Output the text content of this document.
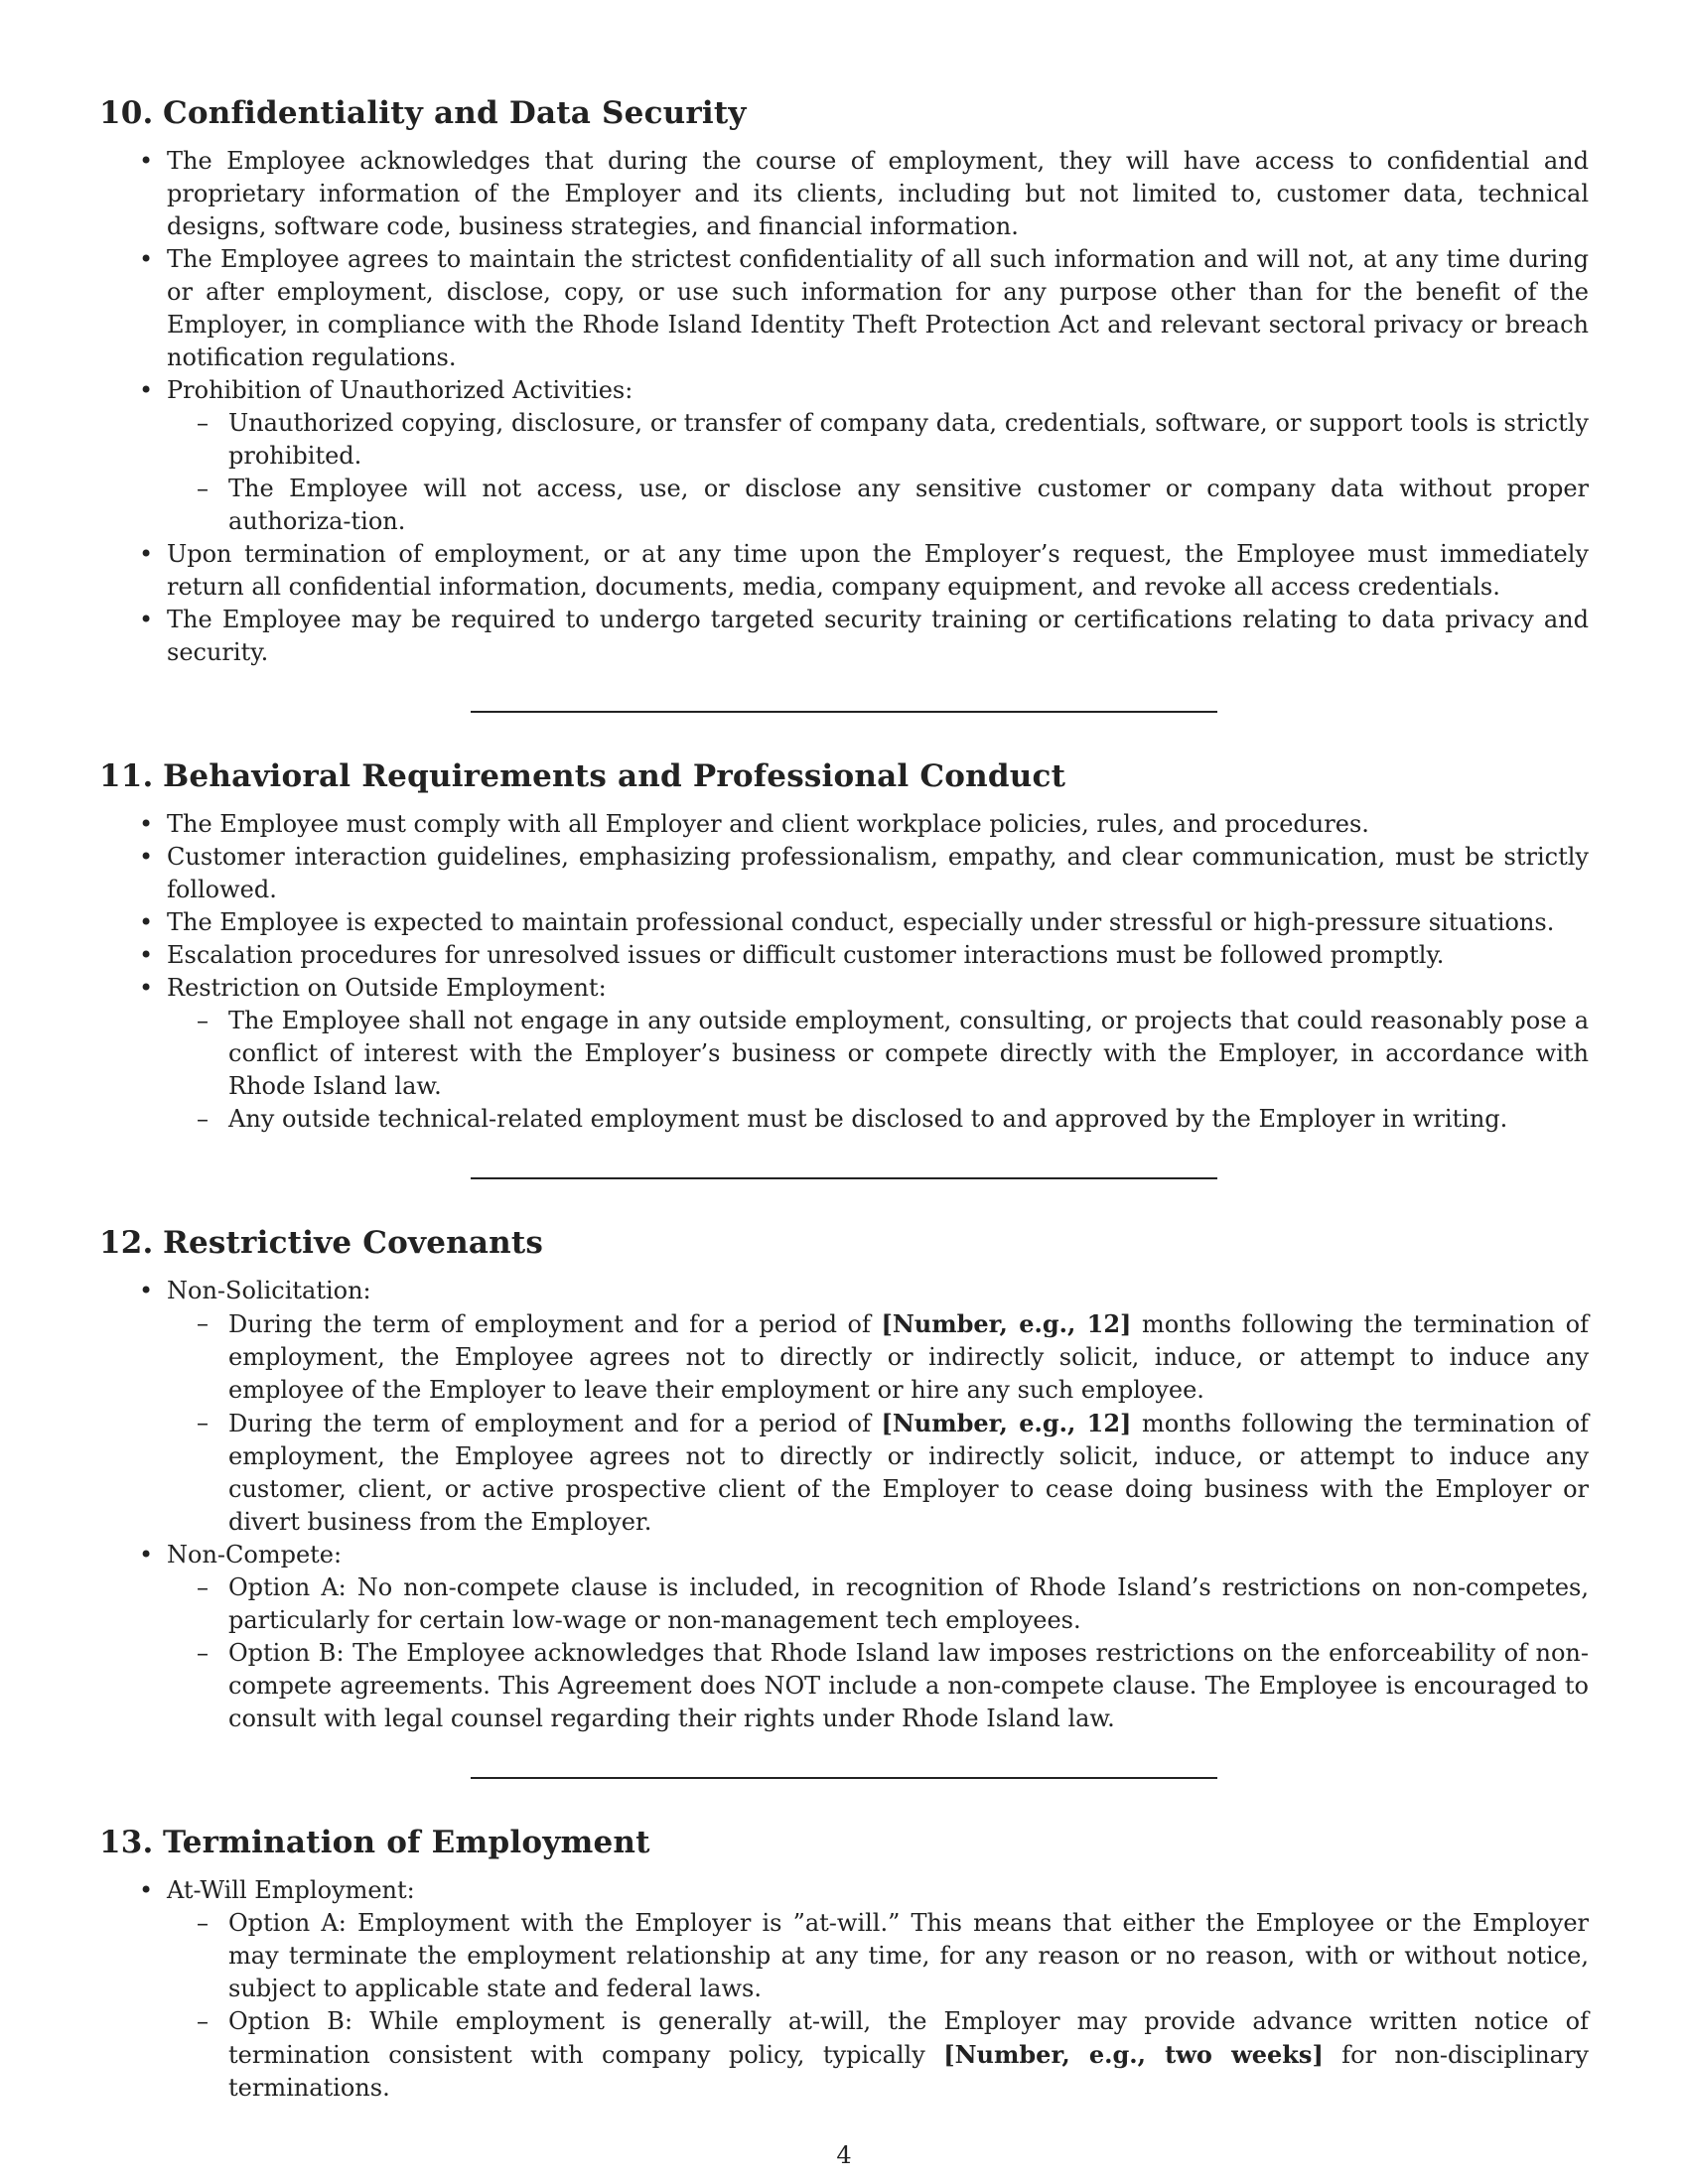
10. Confidentiality and Data Security
• The Employee acknowledges that during the course of employment, they will have access to confidential and proprietary information of the Employer and its clients, including but not limited to, customer data, technical designs, software code, business strategies, and financial information.
• The Employee agrees to maintain the strictest confidentiality of all such information and will not, at any time during or after employment, disclose, copy, or use such information for any purpose other than for the benefit of the Employer, in compliance with the Rhode Island Identity Theft Protection Act and relevant sectoral privacy or breach notification regulations.
• Prohibition of Unauthorized Activities:
– Unauthorized copying, disclosure, or transfer of company data, credentials, software, or support tools is strictly prohibited.
– The Employee will not access, use, or disclose any sensitive customer or company data without proper authoriza-tion.
• Upon termination of employment, or at any time upon the Employer’s request, the Employee must immediately return all confidential information, documents, media, company equipment, and revoke all access credentials.
• The Employee may be required to undergo targeted security training or certifications relating to data privacy and security.
11. Behavioral Requirements and Professional Conduct
• The Employee must comply with all Employer and client workplace policies, rules, and procedures.
• Customer interaction guidelines, emphasizing professionalism, empathy, and clear communication, must be strictly followed.
• The Employee is expected to maintain professional conduct, especially under stressful or high-pressure situations.
• Escalation procedures for unresolved issues or difficult customer interactions must be followed promptly.
• Restriction on Outside Employment:
– The Employee shall not engage in any outside employment, consulting, or projects that could reasonably pose a conflict of interest with the Employer’s business or compete directly with the Employer, in accordance with Rhode Island law.
– Any outside technical-related employment must be disclosed to and approved by the Employer in writing.
12. Restrictive Covenants
• Non-Solicitation:
– During the term of employment and for a period of [Number, e.g., 12] months following the termination of employment, the Employee agrees not to directly or indirectly solicit, induce, or attempt to induce any employee of the Employer to leave their employment or hire any such employee.
– During the term of employment and for a period of [Number, e.g., 12] months following the termination of employment, the Employee agrees not to directly or indirectly solicit, induce, or attempt to induce any customer, client, or active prospective client of the Employer to cease doing business with the Employer or divert business from the Employer.
• Non-Compete:
– Option A: No non-compete clause is included, in recognition of Rhode Island’s restrictions on non-competes, particularly for certain low-wage or non-management tech employees.
– Option B: The Employee acknowledges that Rhode Island law imposes restrictions on the enforceability of non-compete agreements. This Agreement does NOT include a non-compete clause. The Employee is encouraged to consult with legal counsel regarding their rights under Rhode Island law.
13. Termination of Employment
• At-Will Employment:
– Option A: Employment with the Employer is ”at-will.” This means that either the Employee or the Employer may terminate the employment relationship at any time, for any reason or no reason, with or without notice, subject to applicable state and federal laws.
– Option B: While employment is generally at-will, the Employer may provide advance written notice of termination consistent with company policy, typically [Number, e.g., two weeks] for non-disciplinary terminations.
4
